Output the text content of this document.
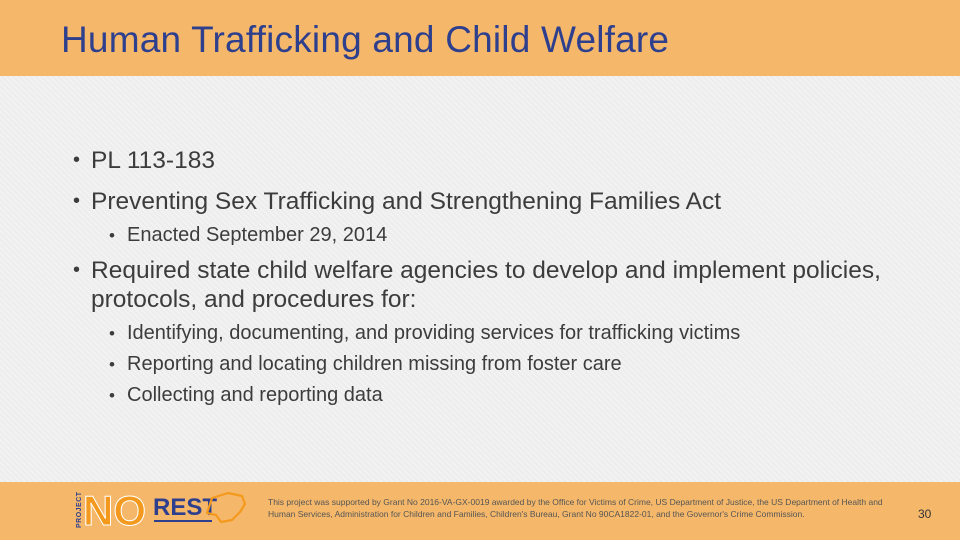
Human Trafficking and Child Welfare
• PL 113-183
• Preventing Sex Trafficking and Strengthening Families Act
• Enacted September 29, 2014
• Required state child welfare agencies to develop and implement policies, protocols, and procedures for:
• Identifying, documenting, and providing services for trafficking victims
• Reporting and locating children missing from foster care
• Collecting and reporting data
PROJECT NO REST	This project was supported by Grant No 2016-VA-GX-0019 awarded by the Office for Victims of Crime, US Department of Justice, the US Department of Health and Human Services, Administration for Children and Families, Children's Bureau, Grant No 90CA1822-01, and the Governor's Crime Commission.	30
